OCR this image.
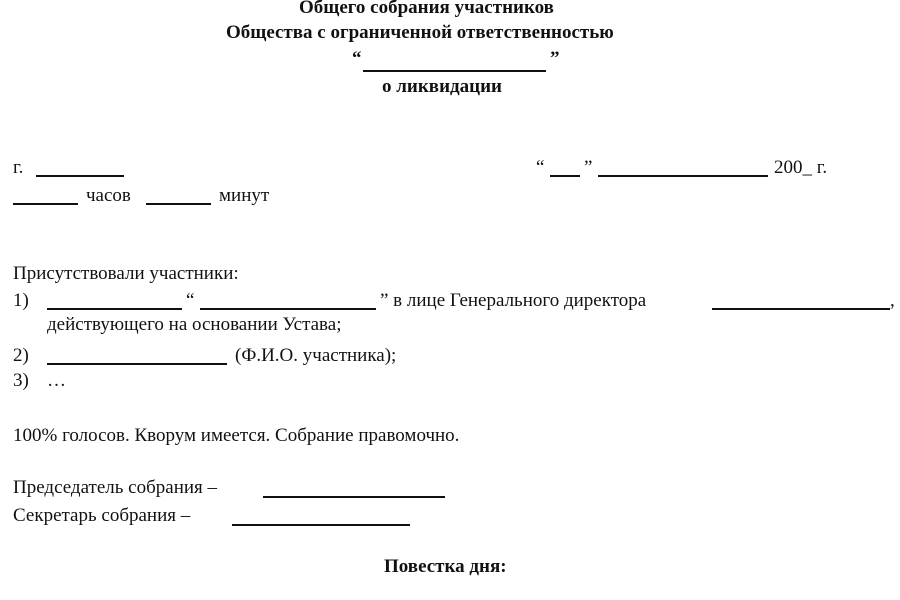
Общего собрания участников
Общества с ограниченной ответственностью
“	”
о ликвидации
г.	“ ”	200_ г.
часов	минут
Присутствовали участники:
1)	“	” в лице Генерального директора	,
действующего на основании Устава;
2)	(Ф.И.О. участника);
3) …
100% голосов. Кворум имеется. Собрание правомочно.
Председатель собрания –
Секретарь собрания –
Повестка дня:
